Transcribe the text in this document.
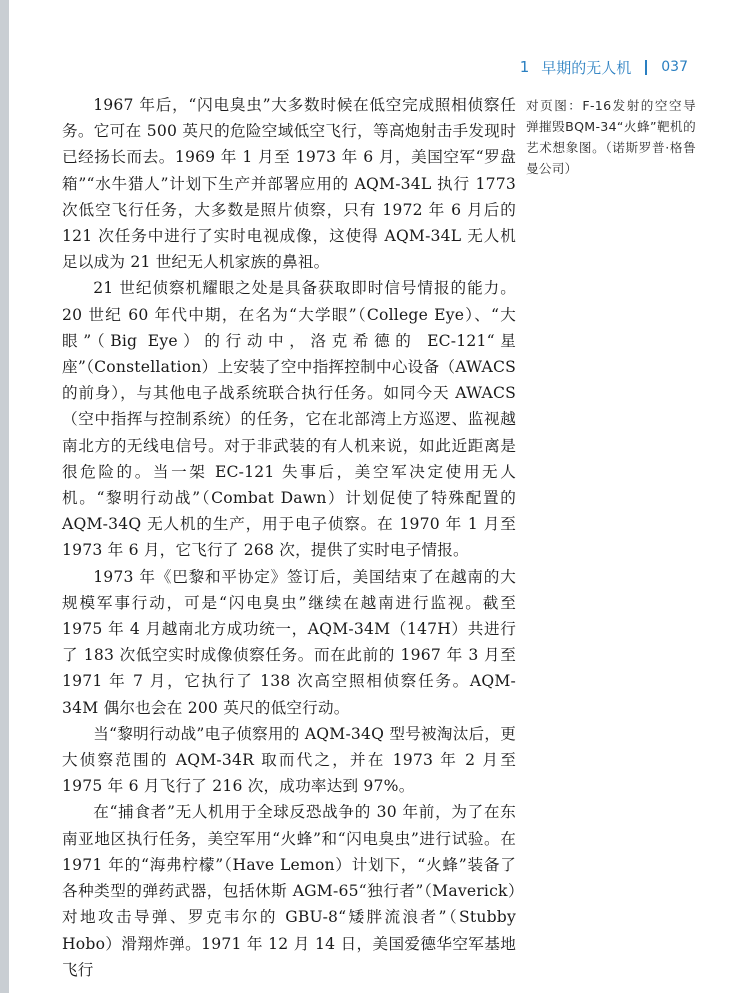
1 早期的无人机 037

1967 年后，“闪电臭虫”大多数时候在低空完成照相侦察任务。它可在 500 英尺的危险空域低空飞行，等高炮射击手发现时已经扬长而去。1969 年 1 月至 1973 年 6 月，美国空军“罗盘箱”“水牛猎人”计划下生产并部署应用的 AQM-34L 执行 1773 次低空飞行任务，大多数是照片侦察，只有 1972 年 6 月后的 121 次任务中进行了实时电视成像，这使得 AQM-34L 无人机足以成为 21 世纪无人机家族的鼻祖。

21 世纪侦察机耀眼之处是具备获取即时信号情报的能力。20 世纪 60 年代中期，在名为“大学眼”（College Eye）、“大眼”（Big Eye）的行动中，洛克希德的 EC-121“星座”（Constellation）上安装了空中指挥控制中心设备（AWACS 的前身），与其他电子战系统联合执行任务。如同今天 AWACS（空中指挥与控制系统）的任务，它在北部湾上方巡逻、监视越南北方的无线电信号。对于非武装的有人机来说，如此近距离是很危险的。当一架 EC-121 失事后，美空军决定使用无人机。“黎明行动战”（Combat Dawn）计划促使了特殊配置的 AQM-34Q 无人机的生产，用于电子侦察。在 1970 年 1 月至 1973 年 6 月，它飞行了 268 次，提供了实时电子情报。

1973 年《巴黎和平协定》签订后，美国结束了在越南的大规模军事行动，可是“闪电臭虫”继续在越南进行监视。截至 1975 年 4 月越南北方成功统一，AQM-34M（147H）共进行了 183 次低空实时成像侦察任务。而在此前的 1967 年 3 月至 1971 年 7 月，它执行了 138 次高空照相侦察任务。AQM-34M 偶尔也会在 200 英尺的低空行动。

当“黎明行动战”电子侦察用的 AQM-34Q 型号被淘汰后，更大侦察范围的 AQM-34R 取而代之，并在 1973 年 2 月至 1975 年 6 月飞行了 216 次，成功率达到 97%。

在“捕食者”无人机用于全球反恐战争的 30 年前，为了在东南亚地区执行任务，美空军用“火蜂”和“闪电臭虫”进行试验。在 1971 年的“海弗柠檬”（Have Lemon）计划下，“火蜂”装备了各种类型的弹药武器，包括休斯 AGM-65“独行者”（Maverick）对地攻击导弹、罗克韦尔的 GBU-8“矮胖流浪者”（Stubby Hobo）滑翔炸弹。1971 年 12 月 14 日，美国爱德华空军基地飞行

对页图：F-16发射的空空导弹摧毁BQM-34“火蜂”靶机的艺术想象图。（诺斯罗普·格鲁曼公司）
